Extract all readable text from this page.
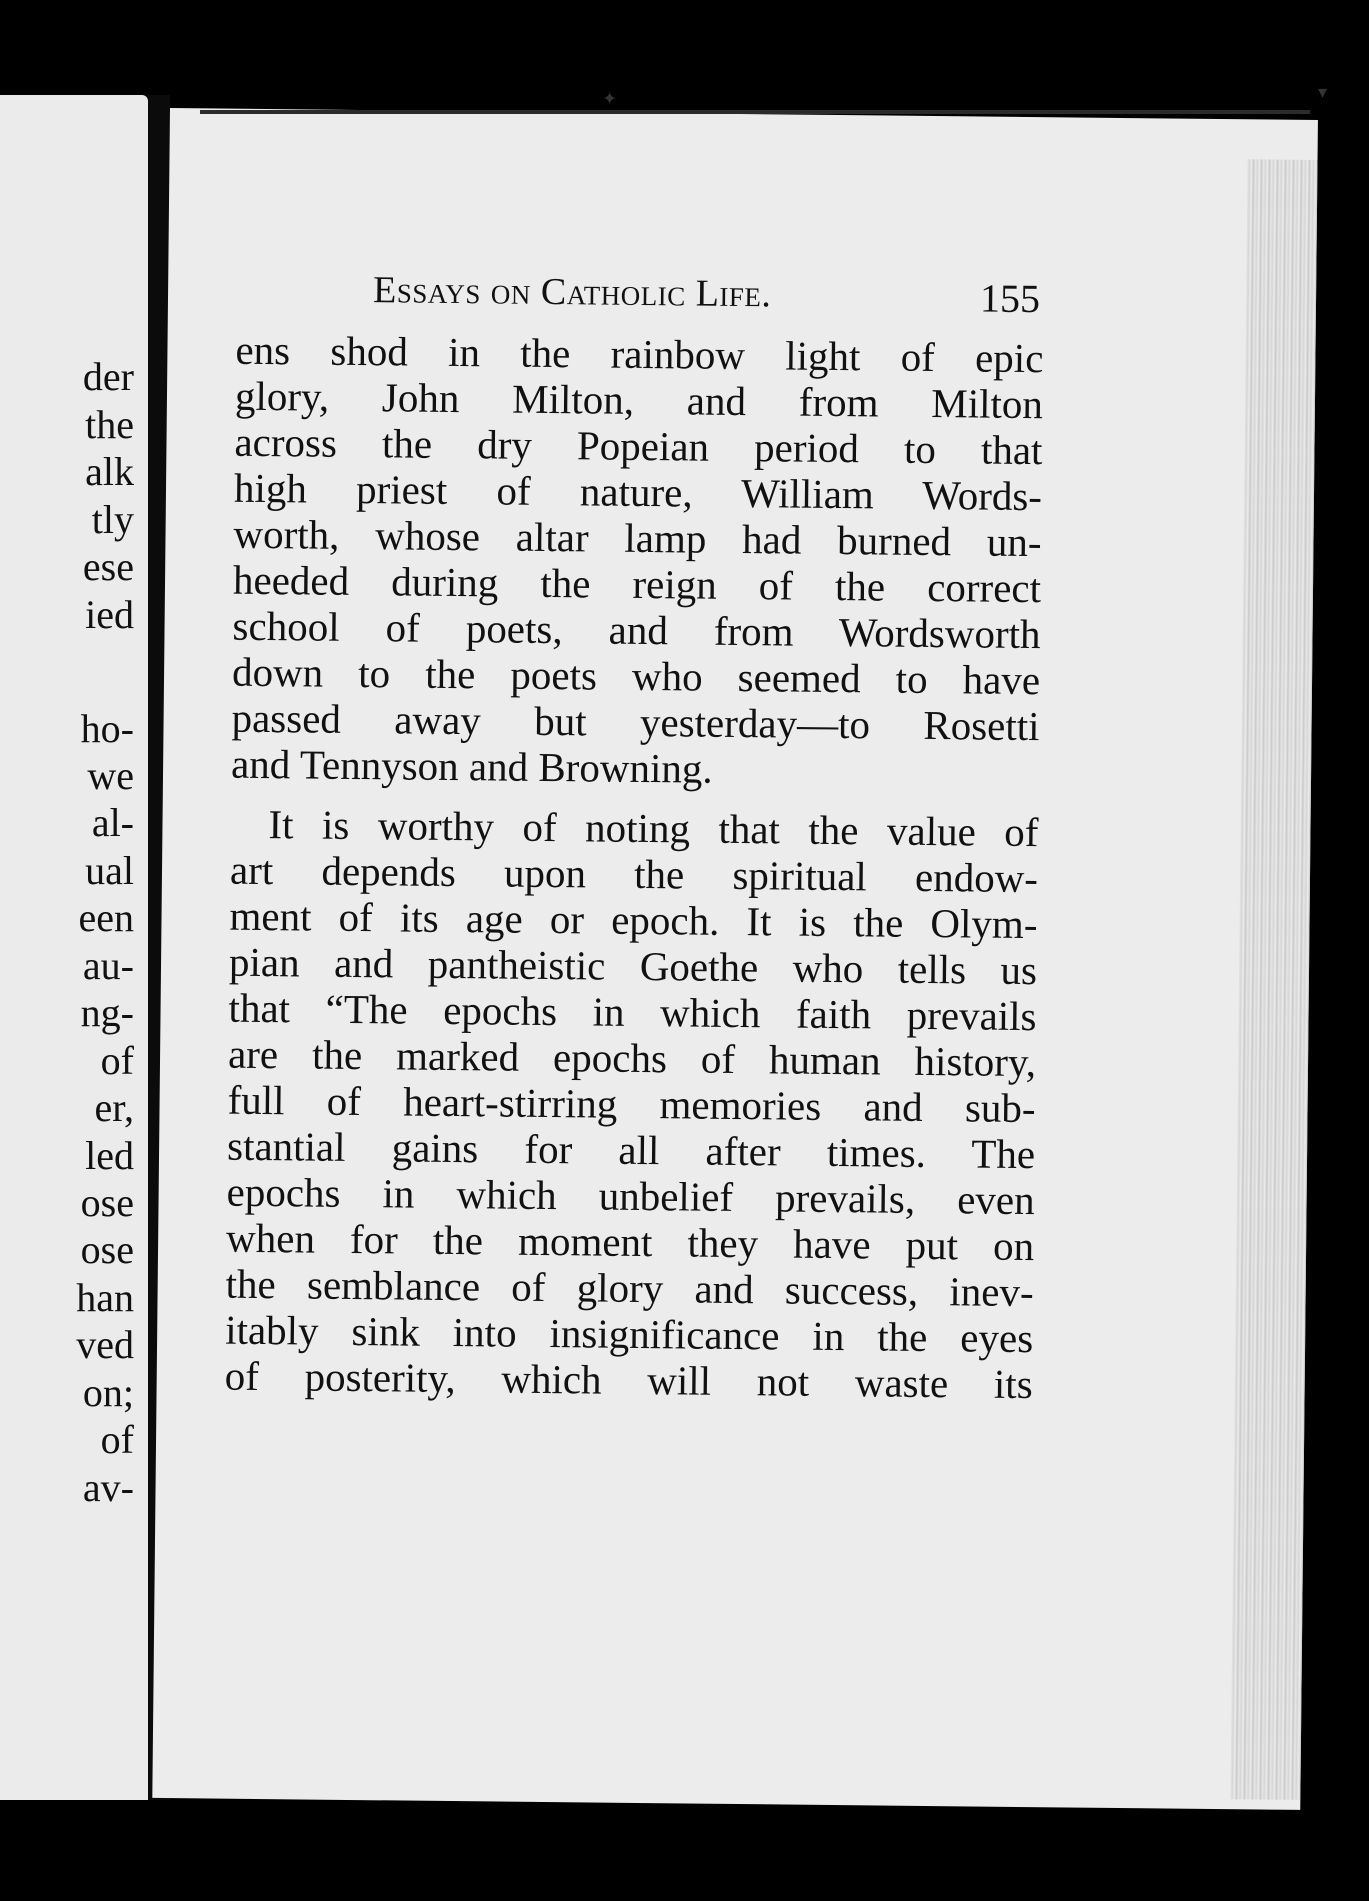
der
the
alk
tly
ese
ied
ho-
we
al-
ual
een
au-
ng-
of
er,
led
ose
ose
han
ved
on;
of
av-
✦
Essays on Catholic Life.	155
ens shod in the rainbow light of epic
glory, John Milton, and from Milton
across the dry Popeian period to that
high priest of nature, William Words-
worth, whose altar lamp had burned un-
heeded during the reign of the correct
school of poets, and from Wordsworth
down to the poets who seemed to have
passed away but yesterday—to Rosetti
and Tennyson and Browning.
It is worthy of noting that the value of
art depends upon the spiritual endow-
ment of its age or epoch. It is the Olym-
pian and pantheistic Goethe who tells us
that “The epochs in which faith prevails
are the marked epochs of human history,
full of heart-stirring memories and sub-
stantial gains for all after times. The
epochs in which unbelief prevails, even
when for the moment they have put on
the semblance of glory and success, inev-
itably sink into insignificance in the eyes
of posterity, which will not waste its
▾
